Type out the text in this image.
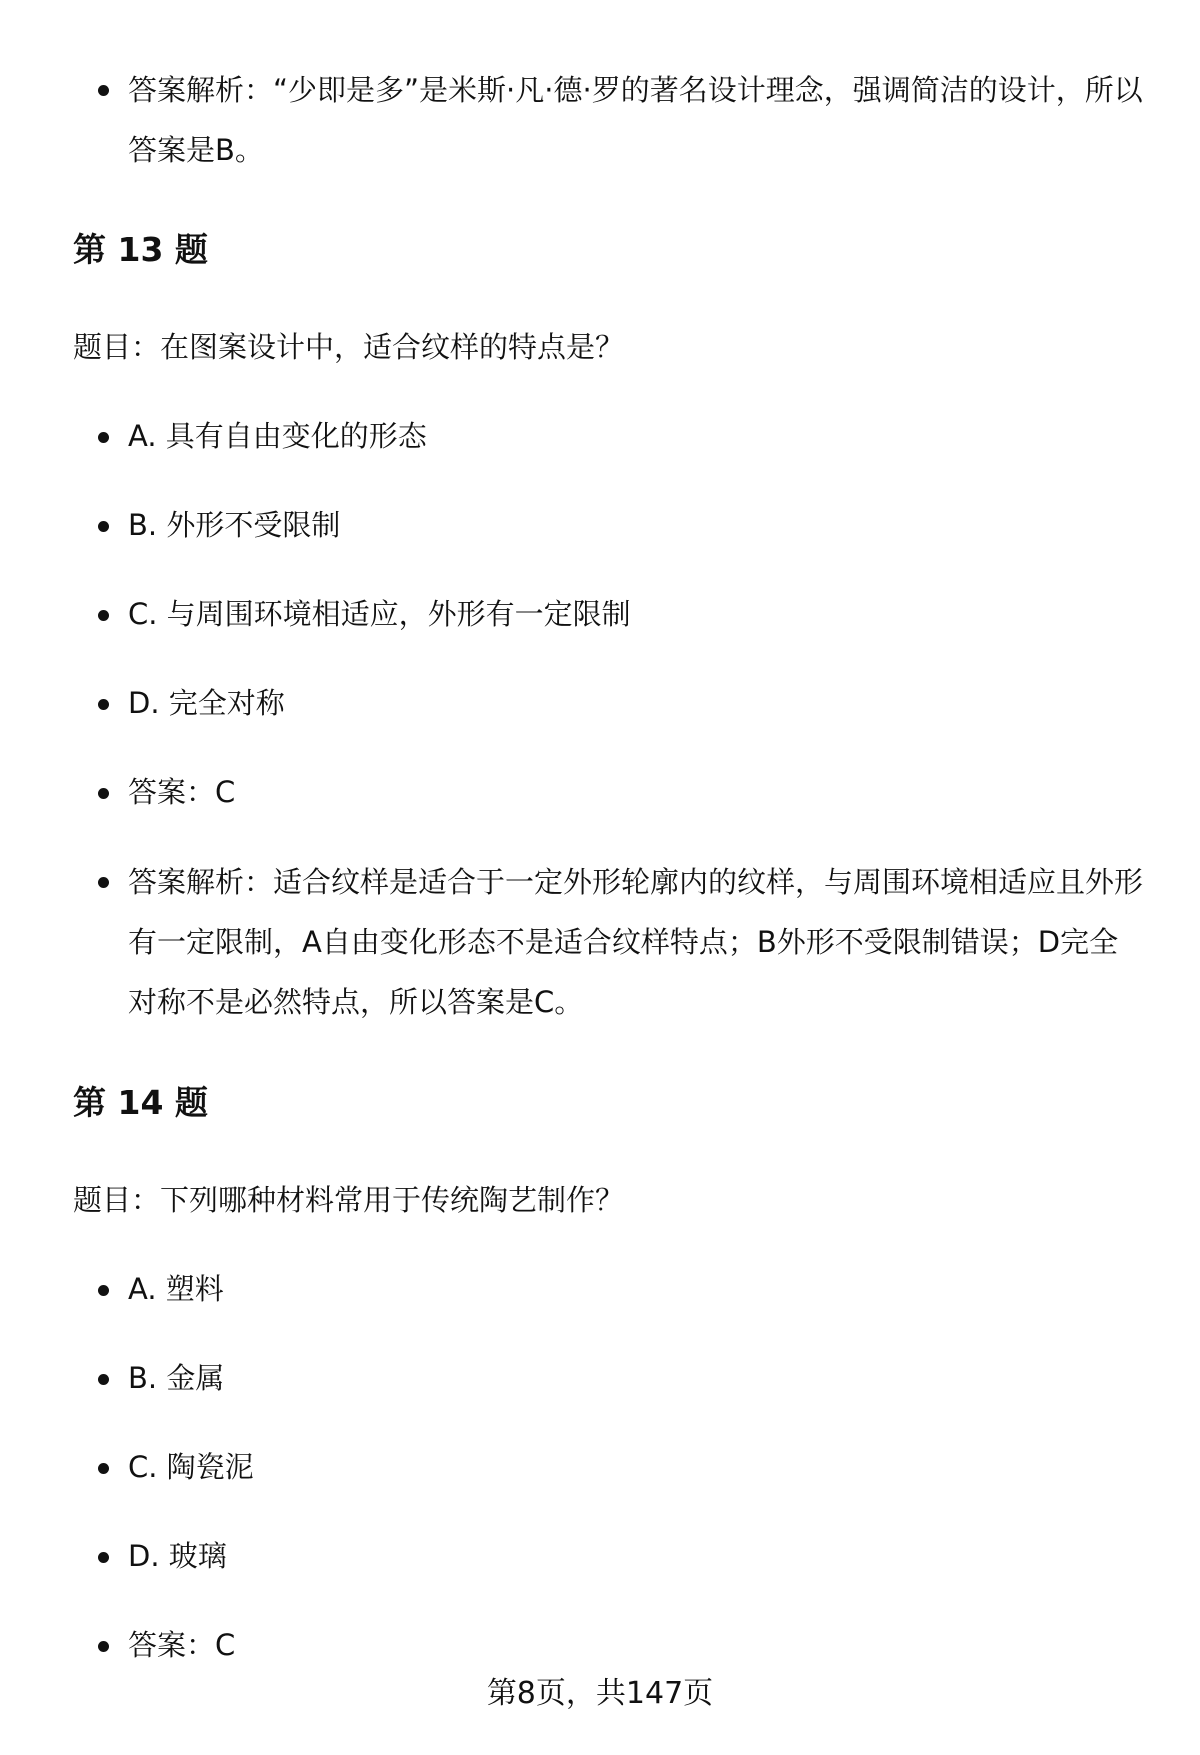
答案解析：“少即是多”是米斯·凡·德·罗的著名设计理念，强调简洁的设计，所以答案是B。
第 13 题
题目：在图案设计中，适合纹样的特点是？
A. 具有自由变化的形态
B. 外形不受限制
C. 与周围环境相适应，外形有一定限制
D. 完全对称
答案：C
答案解析：适合纹样是适合于一定外形轮廓内的纹样，与周围环境相适应且外形有一定限制，A自由变化形态不是适合纹样特点；B外形不受限制错误；D完全对称不是必然特点，所以答案是C。
第 14 题
题目：下列哪种材料常用于传统陶艺制作？
A. 塑料
B. 金属
C. 陶瓷泥
D. 玻璃
答案：C
第8页，共147页
